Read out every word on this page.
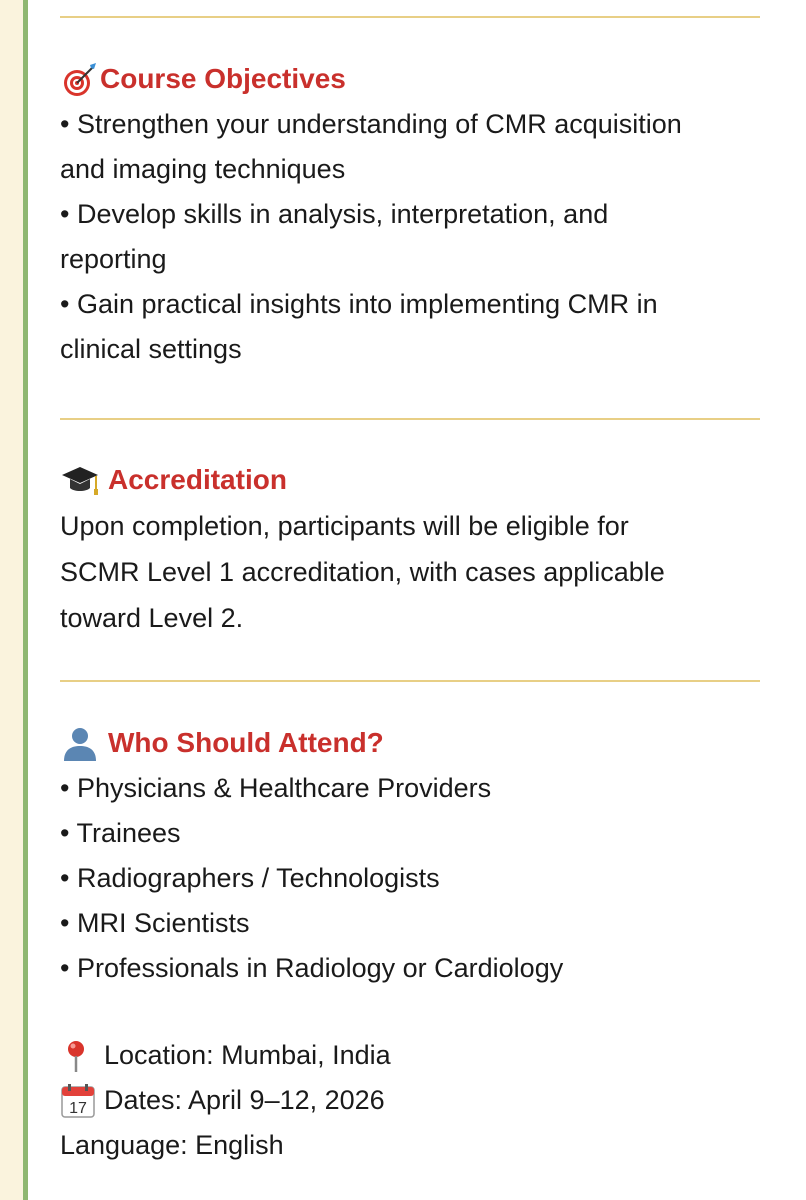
Course Objectives
• Strengthen your understanding of CMR acquisition
and imaging techniques
• Develop skills in analysis, interpretation, and
reporting
• Gain practical insights into implementing CMR in
clinical settings
Accreditation
Upon completion, participants will be eligible for
SCMR Level 1 accreditation, with cases applicable
toward Level 2.
Who Should Attend?
• Physicians & Healthcare Providers
• Trainees
• Radiographers / Technologists
• MRI Scientists
• Professionals in Radiology or Cardiology
Location: Mumbai, India
17 Dates: April 9–12, 2026
Language: English
